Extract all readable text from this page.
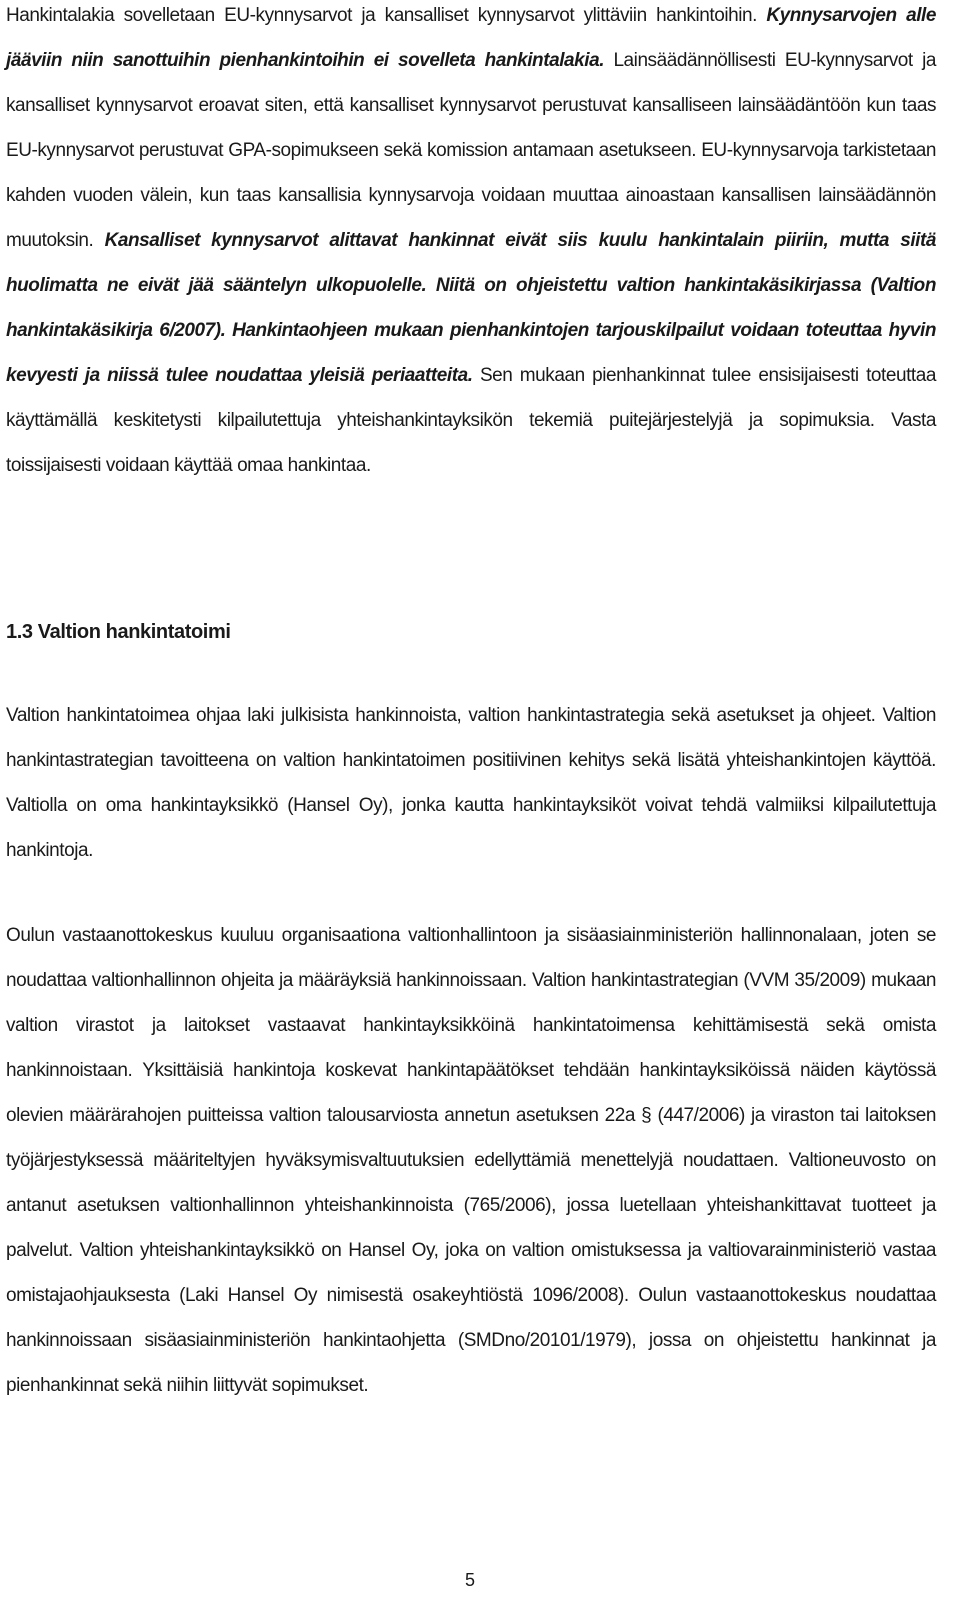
Hankintalakia sovelletaan EU-kynnysarvot ja kansalliset kynnysarvot ylittäviin hankintoihin. Kynnysarvojen alle jääviin niin sanottuihin pienhankintoihin ei sovelleta hankintalakia. Lainsäädännöllisesti EU-kynnysarvot ja kansalliset kynnysarvot eroavat siten, että kansalliset kynnysarvot perustuvat kansalliseen lainsäädäntöön kun taas EU-kynnysarvot perustuvat GPA-sopimukseen sekä komission antamaan asetukseen. EU-kynnysarvoja tarkistetaan kahden vuoden välein, kun taas kansallisia kynnysarvoja voidaan muuttaa ainoastaan kansallisen lainsäädännön muutoksin. Kansalliset kynnysarvot alittavat hankinnat eivät siis kuulu hankintalain piiriin, mutta siitä huolimatta ne eivät jää sääntelyn ulkopuolelle. Niitä on ohjeistettu valtion hankintakäsikirjassa (Valtion hankintakäsikirja 6/2007). Hankintaohjeen mukaan pienhankintojen tarjouskilpailut voidaan toteuttaa hyvin kevyesti ja niissä tulee noudattaa yleisiä periaatteita. Sen mukaan pienhankinnat tulee ensisijaisesti toteuttaa käyttämällä keskitetysti kilpailutettuja yhteishankintayksikön tekemiä puitejärjestelyjä ja sopimuksia. Vasta toissijaisesti voidaan käyttää omaa hankintaa.
1.3 Valtion hankintatoimi
Valtion hankintatoimea ohjaa laki julkisista hankinnoista, valtion hankintastrategia sekä asetukset ja ohjeet. Valtion hankintastrategian tavoitteena on valtion hankintatoimen positiivinen kehitys sekä lisätä yhteishankintojen käyttöä. Valtiolla on oma hankintayksikkö (Hansel Oy), jonka kautta hankintayksiköt voivat tehdä valmiiksi kilpailutettuja hankintoja.
Oulun vastaanottokeskus kuuluu organisaationa valtionhallintoon ja sisäasiainministeriön hallinnonalaan, joten se noudattaa valtionhallinnon ohjeita ja määräyksiä hankinnoissaan. Valtion hankintastrategian (VVM 35/2009) mukaan valtion virastot ja laitokset vastaavat hankintayksikköinä hankintatoimensa kehittämisestä sekä omista hankinnoistaan. Yksittäisiä hankintoja koskevat hankintapäätökset tehdään hankintayksiköissä näiden käytössä olevien määrärahojen puitteissa valtion talousarviosta annetun asetuksen 22a § (447/2006) ja viraston tai laitoksen työjärjestyksessä määriteltyjen hyväksymisvaltuutuksien edellyttämiä menettelyjä noudattaen. Valtioneuvosto on antanut asetuksen valtionhallinnon yhteishankinnoista (765/2006), jossa luetellaan yhteishankittavat tuotteet ja palvelut. Valtion yhteishankintayksikkö on Hansel Oy, joka on valtion omistuksessa ja valtiovarainministeriö vastaa omistajaohjauksesta (Laki Hansel Oy nimisestä osakeyhtiöstä 1096/2008). Oulun vastaanottokeskus noudattaa hankinnoissaan sisäasiainministeriön hankintaohjetta (SMDno/20101/1979), jossa on ohjeistettu hankinnat ja pienhankinnat sekä niihin liittyvät sopimukset.
5
